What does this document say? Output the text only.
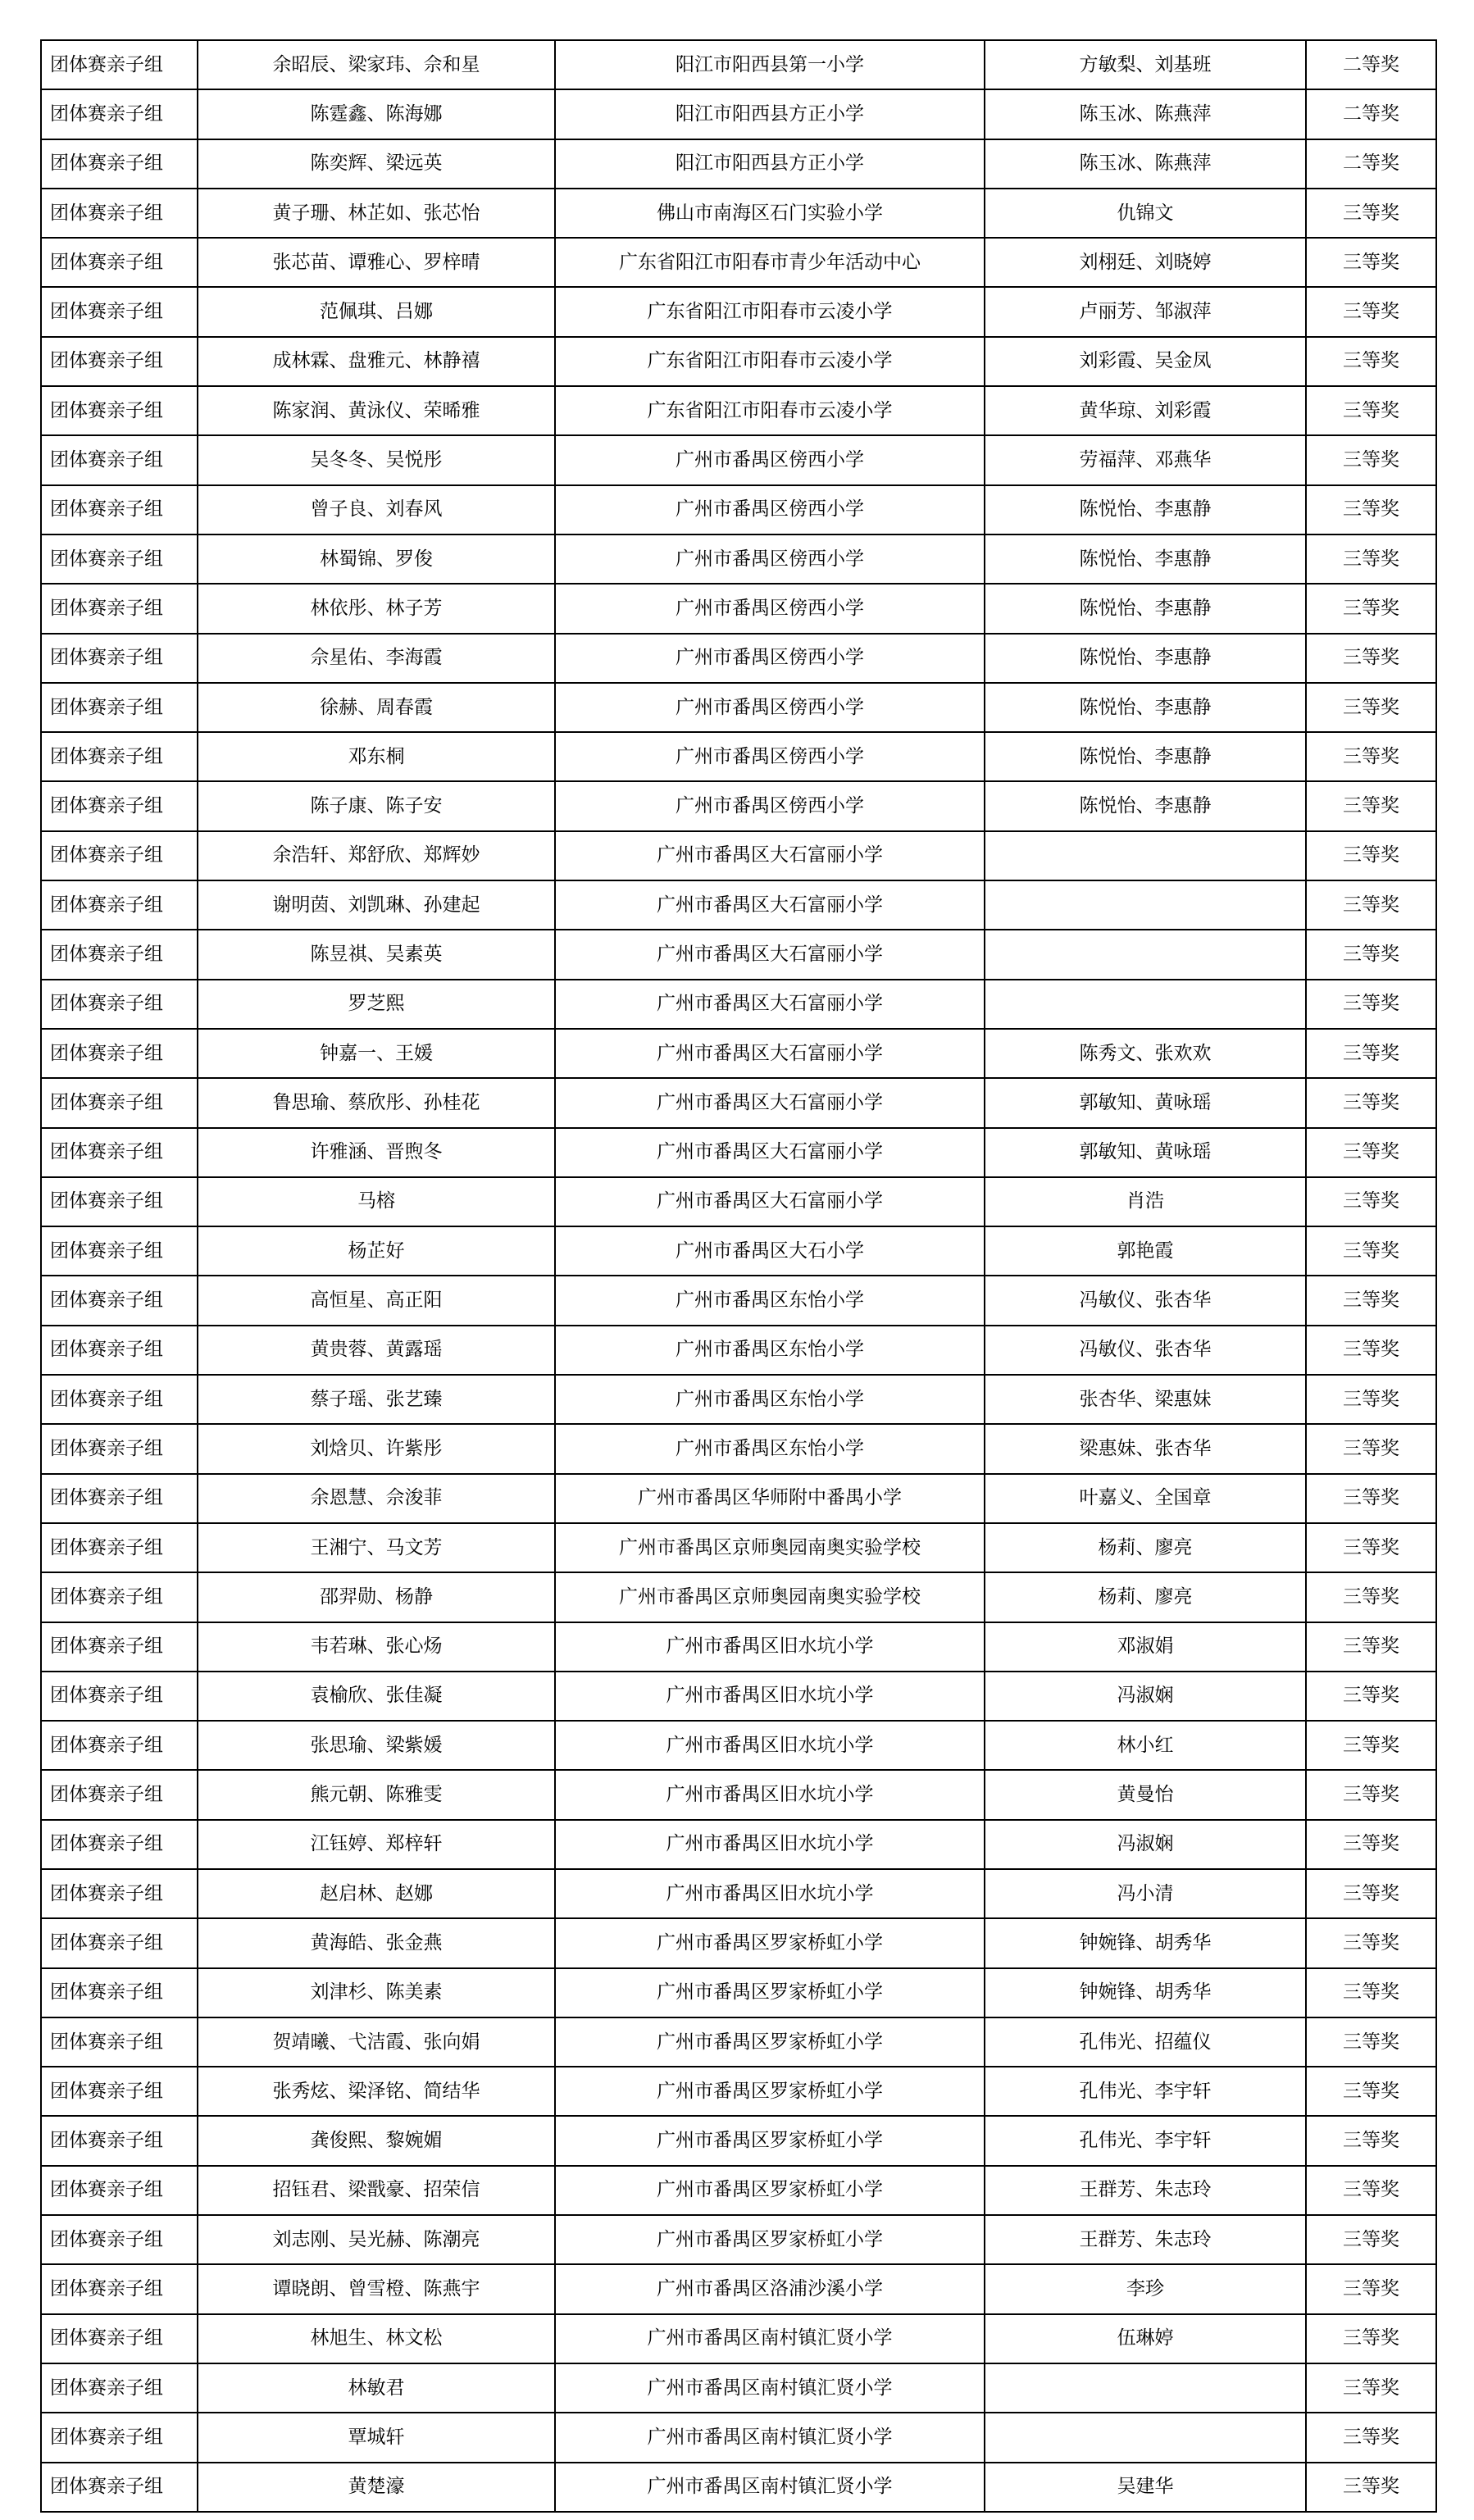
团体赛亲子组	余昭辰、梁家玮、佘和星	阳江市阳西县第一小学	方敏梨、刘基班	二等奖
团体赛亲子组	陈霆鑫、陈海娜	阳江市阳西县方正小学	陈玉冰、陈燕萍	二等奖
团体赛亲子组	陈奕辉、梁远英	阳江市阳西县方正小学	陈玉冰、陈燕萍	二等奖
团体赛亲子组	黄子珊、林芷如、张芯怡	佛山市南海区石门实验小学	仇锦文	三等奖
团体赛亲子组	张芯苗、谭雅心、罗梓晴	广东省阳江市阳春市青少年活动中心	刘栩廷、刘晓婷	三等奖
团体赛亲子组	范佩琪、吕娜	广东省阳江市阳春市云凌小学	卢丽芳、邹淑萍	三等奖
团体赛亲子组	成林霖、盘雅元、林静禧	广东省阳江市阳春市云凌小学	刘彩霞、吴金凤	三等奖
团体赛亲子组	陈家润、黄泳仪、荣晞雅	广东省阳江市阳春市云凌小学	黄华琼、刘彩霞	三等奖
团体赛亲子组	吴冬冬、吴悦彤	广州市番禺区傍西小学	劳福萍、邓燕华	三等奖
团体赛亲子组	曾子良、刘春风	广州市番禺区傍西小学	陈悦怡、李惠静	三等奖
团体赛亲子组	林蜀锦、罗俊	广州市番禺区傍西小学	陈悦怡、李惠静	三等奖
团体赛亲子组	林依彤、林子芳	广州市番禺区傍西小学	陈悦怡、李惠静	三等奖
团体赛亲子组	佘星佑、李海霞	广州市番禺区傍西小学	陈悦怡、李惠静	三等奖
团体赛亲子组	徐赫、周春霞	广州市番禺区傍西小学	陈悦怡、李惠静	三等奖
团体赛亲子组	邓东桐	广州市番禺区傍西小学	陈悦怡、李惠静	三等奖
团体赛亲子组	陈子康、陈子安	广州市番禺区傍西小学	陈悦怡、李惠静	三等奖
团体赛亲子组	余浩轩、郑舒欣、郑辉妙	广州市番禺区大石富丽小学		三等奖
团体赛亲子组	谢明茵、刘凯琳、孙建起	广州市番禺区大石富丽小学		三等奖
团体赛亲子组	陈昱祺、吴素英	广州市番禺区大石富丽小学		三等奖
团体赛亲子组	罗芝熙	广州市番禺区大石富丽小学		三等奖
团体赛亲子组	钟嘉一、王媛	广州市番禺区大石富丽小学	陈秀文、张欢欢	三等奖
团体赛亲子组	鲁思瑜、蔡欣彤、孙桂花	广州市番禺区大石富丽小学	郭敏知、黄咏瑶	三等奖
团体赛亲子组	许雅涵、晋煦冬	广州市番禺区大石富丽小学	郭敏知、黄咏瑶	三等奖
团体赛亲子组	马榕	广州市番禺区大石富丽小学	肖浩	三等奖
团体赛亲子组	杨芷好	广州市番禺区大石小学	郭艳霞	三等奖
团体赛亲子组	高恒星、高正阳	广州市番禺区东怡小学	冯敏仪、张杏华	三等奖
团体赛亲子组	黄贵蓉、黄露瑶	广州市番禺区东怡小学	冯敏仪、张杏华	三等奖
团体赛亲子组	蔡子瑶、张艺臻	广州市番禺区东怡小学	张杏华、梁惠妹	三等奖
团体赛亲子组	刘焓贝、许紫彤	广州市番禺区东怡小学	梁惠妹、张杏华	三等奖
团体赛亲子组	余恩慧、佘浚菲	广州市番禺区华师附中番禺小学	叶嘉义、全国章	三等奖
团体赛亲子组	王湘宁、马文芳	广州市番禺区京师奥园南奥实验学校	杨莉、廖亮	三等奖
团体赛亲子组	邵羿勋、杨静	广州市番禺区京师奥园南奥实验学校	杨莉、廖亮	三等奖
团体赛亲子组	韦若琳、张心炀	广州市番禺区旧水坑小学	邓淑娟	三等奖
团体赛亲子组	袁榆欣、张佳凝	广州市番禺区旧水坑小学	冯淑娴	三等奖
团体赛亲子组	张思瑜、梁紫媛	广州市番禺区旧水坑小学	林小红	三等奖
团体赛亲子组	熊元朝、陈雅雯	广州市番禺区旧水坑小学	黄曼怡	三等奖
团体赛亲子组	江钰婷、郑梓轩	广州市番禺区旧水坑小学	冯淑娴	三等奖
团体赛亲子组	赵启林、赵娜	广州市番禺区旧水坑小学	冯小清	三等奖
团体赛亲子组	黄海皓、张金燕	广州市番禺区罗家桥虹小学	钟婉锋、胡秀华	三等奖
团体赛亲子组	刘津杉、陈美素	广州市番禺区罗家桥虹小学	钟婉锋、胡秀华	三等奖
团体赛亲子组	贺靖曦、弋洁霞、张向娟	广州市番禺区罗家桥虹小学	孔伟光、招蕴仪	三等奖
团体赛亲子组	张秀炫、梁泽铭、简结华	广州市番禺区罗家桥虹小学	孔伟光、李宇轩	三等奖
团体赛亲子组	龚俊熙、黎婉媚	广州市番禺区罗家桥虹小学	孔伟光、李宇轩	三等奖
团体赛亲子组	招钰君、梁戬豪、招荣信	广州市番禺区罗家桥虹小学	王群芳、朱志玲	三等奖
团体赛亲子组	刘志刚、吴光赫、陈潮亮	广州市番禺区罗家桥虹小学	王群芳、朱志玲	三等奖
团体赛亲子组	谭晓朗、曾雪橙、陈燕宇	广州市番禺区洛浦沙溪小学	李珍	三等奖
团体赛亲子组	林旭生、林文松	广州市番禺区南村镇汇贤小学	伍琳婷	三等奖
团体赛亲子组	林敏君	广州市番禺区南村镇汇贤小学		三等奖
团体赛亲子组	覃城轩	广州市番禺区南村镇汇贤小学		三等奖
团体赛亲子组	黄楚濠	广州市番禺区南村镇汇贤小学	吴建华	三等奖
